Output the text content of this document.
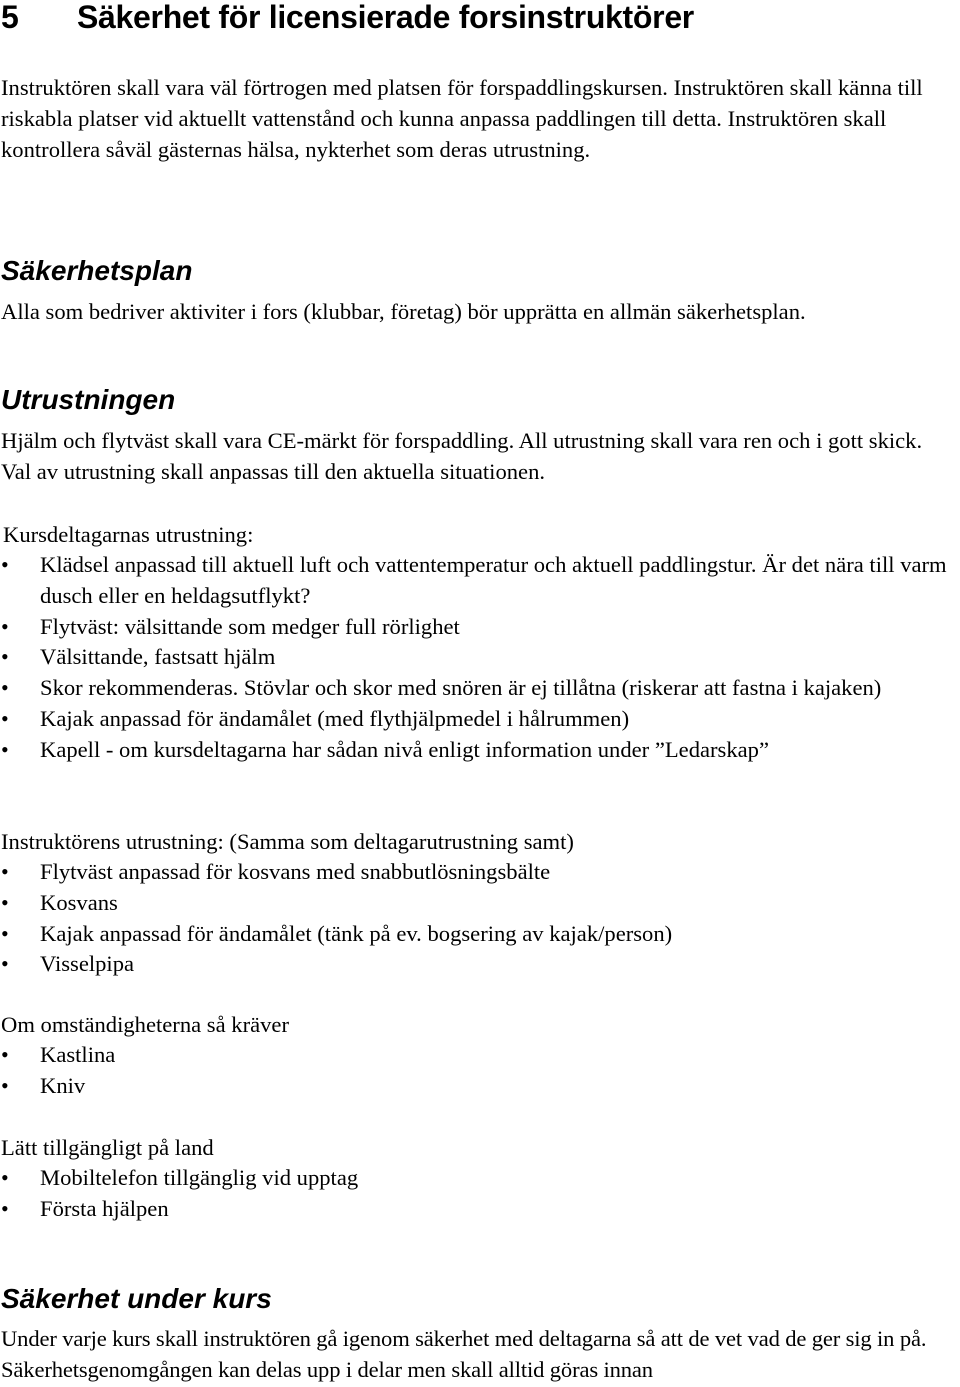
5 Säkerhet för licensierade forsinstruktörer

Instruktören skall vara väl förtrogen med platsen för forspaddlingskursen. Instruktören skall känna till riskabla platser vid aktuellt vattenstånd och kunna anpassa paddlingen till detta. Instruktören skall kontrollera såväl gästernas hälsa, nykterhet som deras utrustning.

Säkerhetsplan

Alla som bedriver aktiviter i fors (klubbar, företag) bör upprätta en allmän säkerhetsplan.

Utrustningen

Hjälm och flytväst skall vara CE-märkt för forspaddling. All utrustning skall vara ren och i gott skick. Val av utrustning skall anpassas till den aktuella situationen.

Kursdeltagarnas utrustning:

• Klädsel anpassad till aktuell luft och vattentemperatur och aktuell paddlingstur. Är det nära till varm dusch eller en heldagsutflykt?
• Flytväst: välsittande som medger full rörlighet
• Välsittande, fastsatt hjälm
• Skor rekommenderas. Stövlar och skor med snören är ej tillåtna (riskerar att fastna i kajaken)
• Kajak anpassad för ändamålet (med flythjälpmedel i hålrummen)
• Kapell - om kursdeltagarna har sådan nivå enligt information under ”Ledarskap”

Instruktörens utrustning: (Samma som deltagarutrustning samt)

• Flytväst anpassad för kosvans med snabbutlösningsbälte
• Kosvans
• Kajak anpassad för ändamålet (tänk på ev. bogsering av kajak/person)
• Visselpipa

Om omständigheterna så kräver

• Kastlina
• Kniv

Lätt tillgängligt på land

• Mobiltelefon tillgänglig vid upptag
• Första hjälpen
Säkerhet under kurs

Under varje kurs skall instruktören gå igenom säkerhet med deltagarna så att de vet vad de ger sig in på. Säkerhetsgenomgången kan delas upp i delar men skall alltid göras innan
